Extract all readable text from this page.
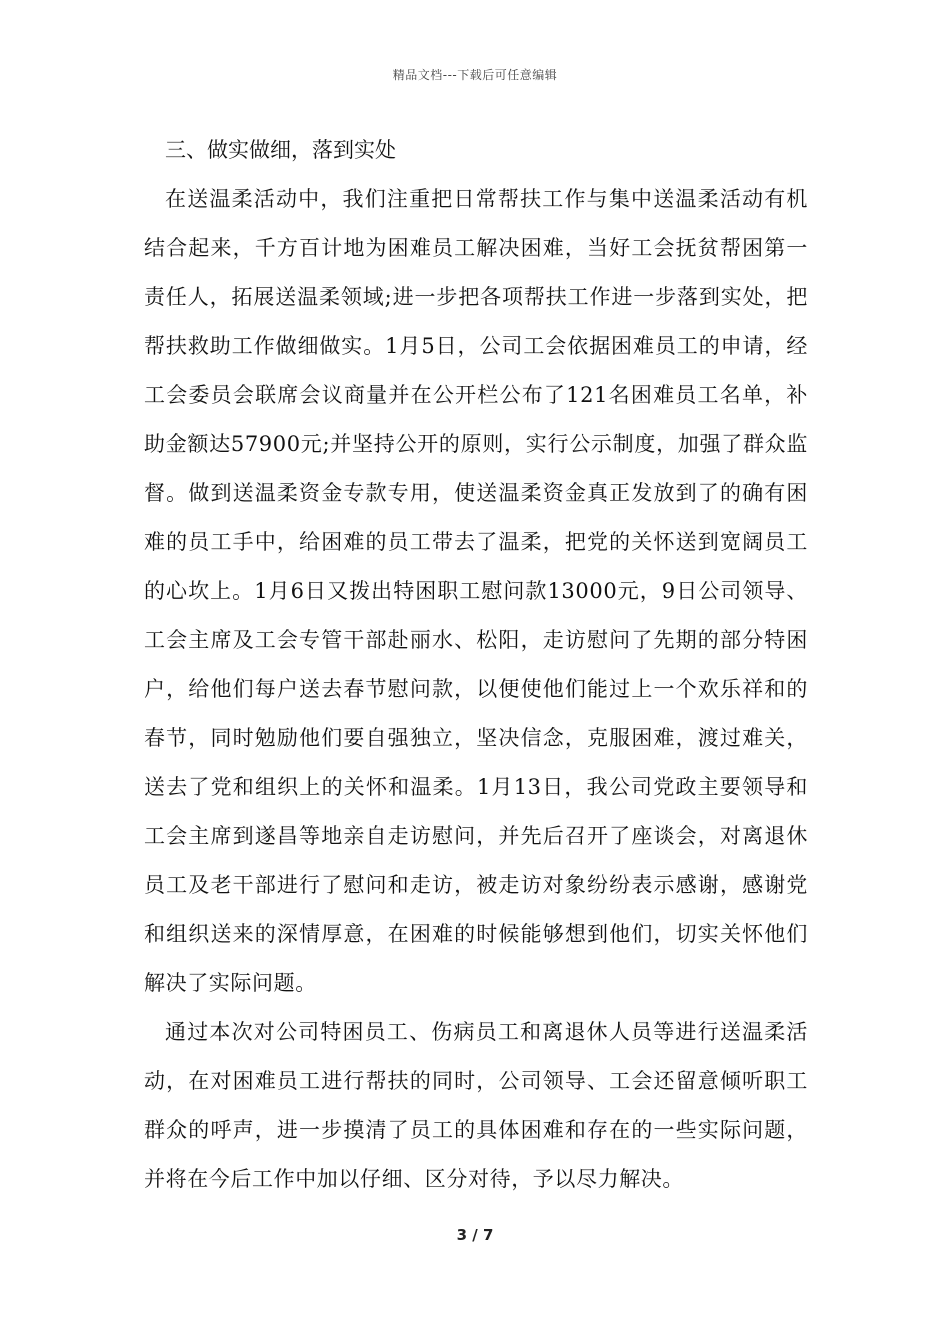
精品文档---下载后可任意编辑
三、做实做细，落到实处

在送温柔活动中，我们注重把日常帮扶工作与集中送温柔活动有机结合起来，千方百计地为困难员工解决困难，当好工会抚贫帮困第一责任人，拓展送温柔领域;进一步把各项帮扶工作进一步落到实处，把帮扶救助工作做细做实。1月5日，公司工会依据困难员工的申请，经工会委员会联席会议商量并在公开栏公布了121名困难员工名单，补助金额达57900元;并坚持公开的原则，实行公示制度，加强了群众监督。做到送温柔资金专款专用，使送温柔资金真正发放到了的确有困难的员工手中，给困难的员工带去了温柔，把党的关怀送到宽阔员工的心坎上。1月6日又拨出特困职工慰问款13000元，9日公司领导、工会主席及工会专管干部赴丽水、松阳，走访慰问了先期的部分特困户，给他们每户送去春节慰问款，以便使他们能过上一个欢乐祥和的春节，同时勉励他们要自强独立，坚决信念，克服困难，渡过难关，送去了党和组织上的关怀和温柔。1月13日，我公司党政主要领导和工会主席到遂昌等地亲自走访慰问，并先后召开了座谈会，对离退休员工及老干部进行了慰问和走访，被走访对象纷纷表示感谢，感谢党和组织送来的深情厚意，在困难的时候能够想到他们，切实关怀他们解决了实际问题。

通过本次对公司特困员工、伤病员工和离退休人员等进行送温柔活动，在对困难员工进行帮扶的同时，公司领导、工会还留意倾听职工群众的呼声，进一步摸清了员工的具体困难和存在的一些实际问题，并将在今后工作中加以仔细、区分对待，予以尽力解决。

3 / 7
